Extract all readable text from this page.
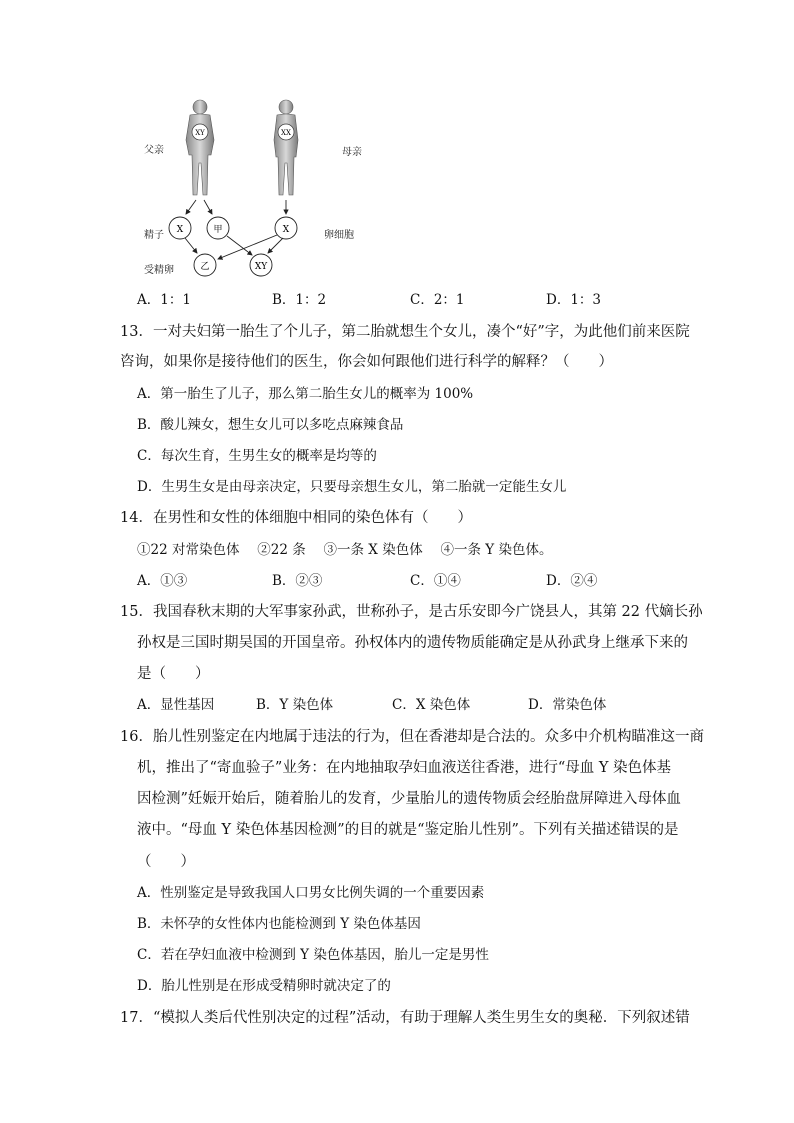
XY	XX
X	甲	X
乙	XY
父亲	母亲
精子	卵细胞
受精卵
A．1：1	B．1：2	C．2：1	D．1：3
13．一对夫妇第一胎生了个儿子，第二胎就想生个女儿，凑个“好”字，为此他们前来医院
咨询，如果你是接待他们的医生，你会如何跟他们进行科学的解释？（　　）
A．第一胎生了儿子，那么第二胎生女儿的概率为 100%
B．酸儿辣女，想生女儿可以多吃点麻辣食品
C．每次生育，生男生女的概率是均等的
D．生男生女是由母亲决定，只要母亲想生女儿，第二胎就一定能生女儿
14．在男性和女性的体细胞中相同的染色体有（　　）
①22 对常染色体　 ②22 条　 ③一条 X 染色体　 ④一条 Y 染色体。
A．①③	B．②③	C．①④	D．②④
15．我国春秋末期的大军事家孙武，世称孙子，是古乐安即今广饶县人，其第 22 代嫡长孙
孙权是三国时期吴国的开国皇帝。孙权体内的遗传物质能确定是从孙武身上继承下来的
是（　　）
A．显性基因	B．Y 染色体	C．X 染色体	D．常染色体
16．胎儿性别鉴定在内地属于违法的行为，但在香港却是合法的。众多中介机构瞄准这一商
机，推出了“寄血验子”业务：在内地抽取孕妇血液送往香港，进行“母血 Y 染色体基
因检测”妊娠开始后，随着胎儿的发育，少量胎儿的遗传物质会经胎盘屏障进入母体血
液中。“母血 Y 染色体基因检测”的目的就是“鉴定胎儿性别”。下列有关描述错误的是
（　　）
A．性别鉴定是导致我国人口男女比例失调的一个重要因素
B．未怀孕的女性体内也能检测到 Y 染色体基因
C．若在孕妇血液中检测到 Y 染色体基因，胎儿一定是男性
D．胎儿性别是在形成受精卵时就决定了的
17．“模拟人类后代性别决定的过程”活动，有助于理解人类生男生女的奥秘．下列叙述错
